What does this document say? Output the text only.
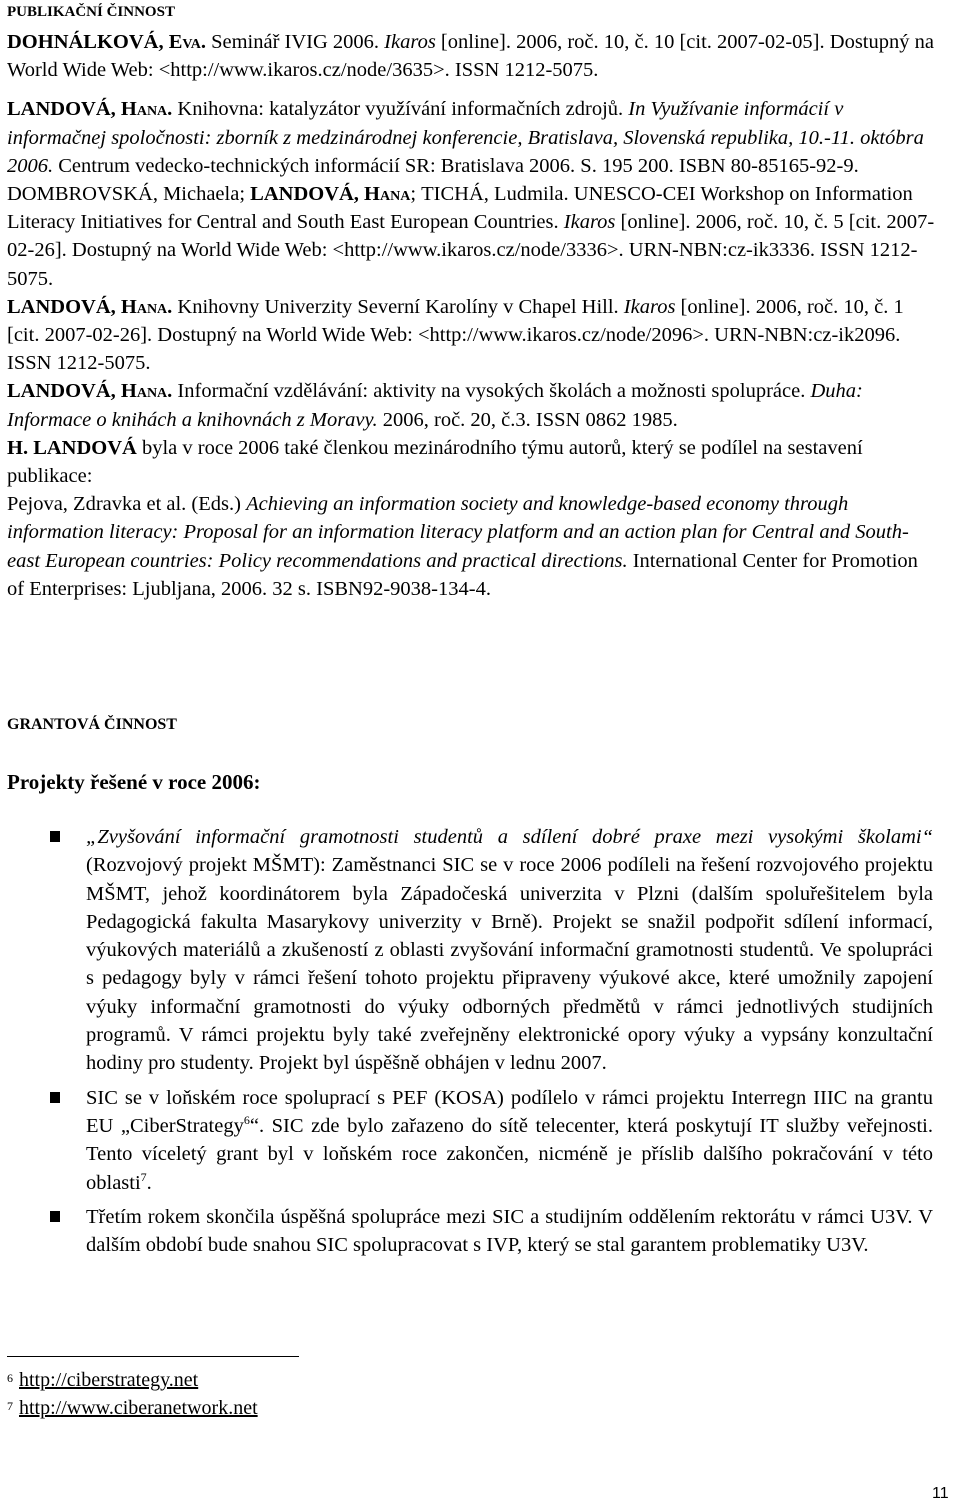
PUBLIKAČNÍ ČINNOST

DOHNÁLKOVÁ, Eva. Seminář IVIG 2006. Ikaros [online]. 2006, roč. 10, č. 10 [cit. 2007-02-05]. Dostupný na World Wide Web: <http://www.ikaros.cz/node/3635>. ISSN 1212-5075.

LANDOVÁ, Hana. Knihovna: katalyzátor využívání informačních zdrojů. In Využívanie informácií v informačnej spoločnosti: zborník z medzinárodnej konferencie, Bratislava, Slovenská republika, 10.-11. októbra 2006. Centrum vedecko-technických informácií SR: Bratislava 2006. S. 195 200. ISBN 80-85165-92-9.

DOMBROVSKÁ, Michaela; LANDOVÁ, Hana; TICHÁ, Ludmila. UNESCO-CEI Workshop on Information Literacy Initiatives for Central and South East European Countries. Ikaros [online]. 2006, roč. 10, č. 5 [cit. 2007-02-26]. Dostupný na World Wide Web: <http://www.ikaros.cz/node/3336>. URN-NBN:cz-ik3336. ISSN 1212-5075.

LANDOVÁ, Hana. Knihovny Univerzity Severní Karolíny v Chapel Hill. Ikaros [online]. 2006, roč. 10, č. 1 [cit. 2007-02-26]. Dostupný na World Wide Web: <http://www.ikaros.cz/node/2096>. URN-NBN:cz-ik2096. ISSN 1212-5075.

LANDOVÁ, Hana. Informační vzdělávání: aktivity na vysokých školách a možnosti spolupráce. Duha: Informace o knihách a knihovnách z Moravy. 2006, roč. 20, č.3. ISSN 0862 1985.

H. LANDOVÁ byla v roce 2006 také členkou mezinárodního týmu autorů, který se podílel na sestavení publikace:

Pejova, Zdravka et al. (Eds.) Achieving an information society and knowledge-based economy through information literacy: Proposal for an information literacy platform and an action plan for Central and South-east European countries: Policy recommendations and practical directions. International Center for Promotion of Enterprises: Ljubljana, 2006. 32 s. ISBN92-9038-134-4.

GRANTOVÁ ČINNOST
Projekty řešené v roce 2006:
„Zvyšování informační gramotnosti studentů a sdílení dobré praxe mezi vysokými školami“ (Rozvojový projekt MŠMT): Zaměstnanci SIC se v roce 2006 podíleli na řešení rozvojového projektu MŠMT, jehož koordinátorem byla Západočeská univerzita v Plzni (dalším spoluřešitelem byla Pedagogická fakulta Masarykovy univerzity v Brně). Projekt se snažil podpořit sdílení informací, výukových materiálů a zkušeností z oblasti zvyšování informační gramotnosti studentů. Ve spolupráci s pedagogy byly v rámci řešení tohoto projektu připraveny výukové akce, které umožnily zapojení výuky informační gramotnosti do výuky odborných předmětů v rámci jednotlivých studijních programů. V rámci projektu byly také zveřejněny elektronické opory výuky a vypsány konzultační hodiny pro studenty. Projekt byl úspěšně obhájen v lednu 2007.
SIC se v loňském roce spoluprací s PEF (KOSA) podílelo v rámci projektu Interregn IIIC na grantu EU „CiberStrategy$^6$“. SIC zde bylo zařazeno do sítě telecenter, která poskytují IT služby veřejnosti. Tento víceletý grant byl v loňském roce zakončen, nicméně je příslib dalšího pokračování v této oblasti$^7$.
Třetím rokem skončila úspěšná spolupráce mezi SIC a studijním oddělením rektorátu v rámci U3V. V dalším období bude snahou SIC spolupracovat s IVP, který se stal garantem problematiky U3V.
6 http://ciberstrategy.net
7 http://www.ciberanetwork.net
11
